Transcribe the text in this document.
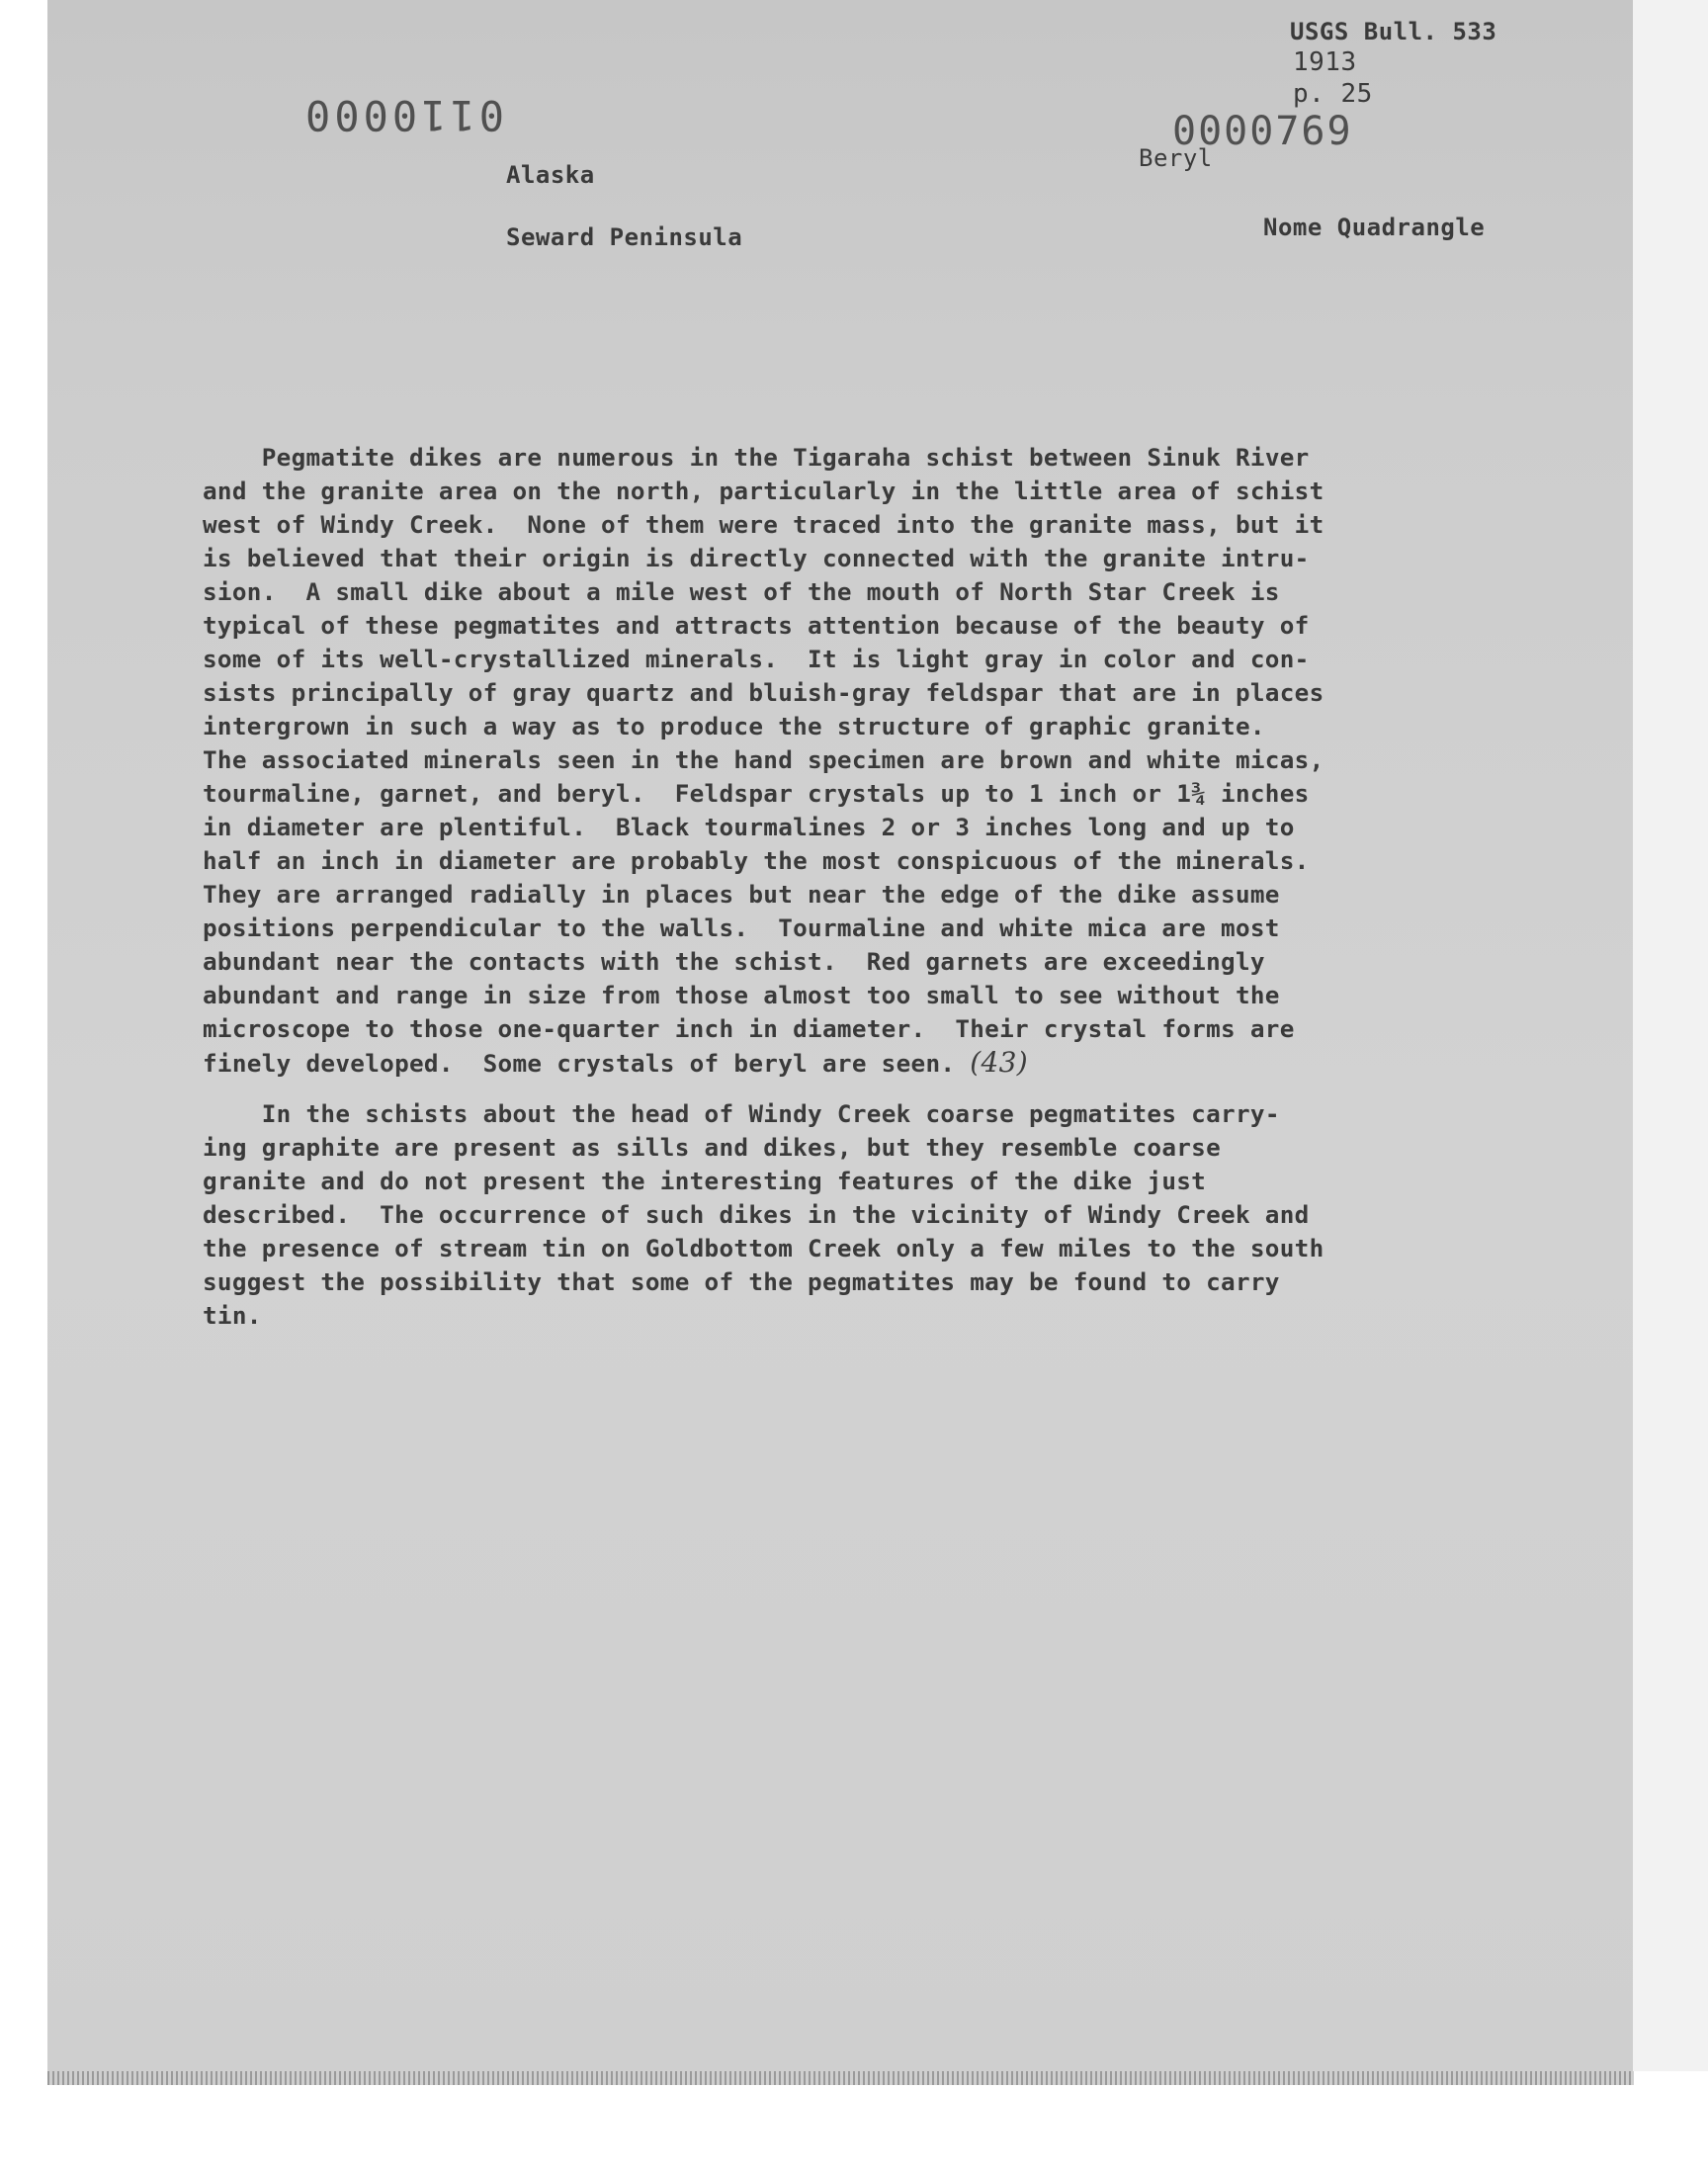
0110000
USGS Bull. 533
1913
p. 25
Beryl
0000769
Alaska
Seward Peninsula	Nome Quadrangle
Pegmatite dikes are numerous in the Tigaraha schist between Sinuk River
and the granite area on the north, particularly in the little area of schist
west of Windy Creek.  None of them were traced into the granite mass, but it
is believed that their origin is directly connected with the granite intru-
sion.  A small dike about a mile west of the mouth of North Star Creek is
typical of these pegmatites and attracts attention because of the beauty of
some of its well-crystallized minerals.  It is light gray in color and con-
sists principally of gray quartz and bluish-gray feldspar that are in places
intergrown in such a way as to produce the structure of graphic granite.
The associated minerals seen in the hand specimen are brown and white micas,
tourmaline, garnet, and beryl.  Feldspar crystals up to 1 inch or 1¾ inches
in diameter are plentiful.  Black tourmalines 2 or 3 inches long and up to
half an inch in diameter are probably the most conspicuous of the minerals.
They are arranged radially in places but near the edge of the dike assume
positions perpendicular to the walls.  Tourmaline and white mica are most
abundant near the contacts with the schist.  Red garnets are exceedingly
abundant and range in size from those almost too small to see without the
microscope to those one-quarter inch in diameter.  Their crystal forms are
finely developed.  Some crystals of beryl are seen. (43)
In the schists about the head of Windy Creek coarse pegmatites carry-
ing graphite are present as sills and dikes, but they resemble coarse
granite and do not present the interesting features of the dike just
described.  The occurrence of such dikes in the vicinity of Windy Creek and
the presence of stream tin on Goldbottom Creek only a few miles to the south
suggest the possibility that some of the pegmatites may be found to carry
tin.
